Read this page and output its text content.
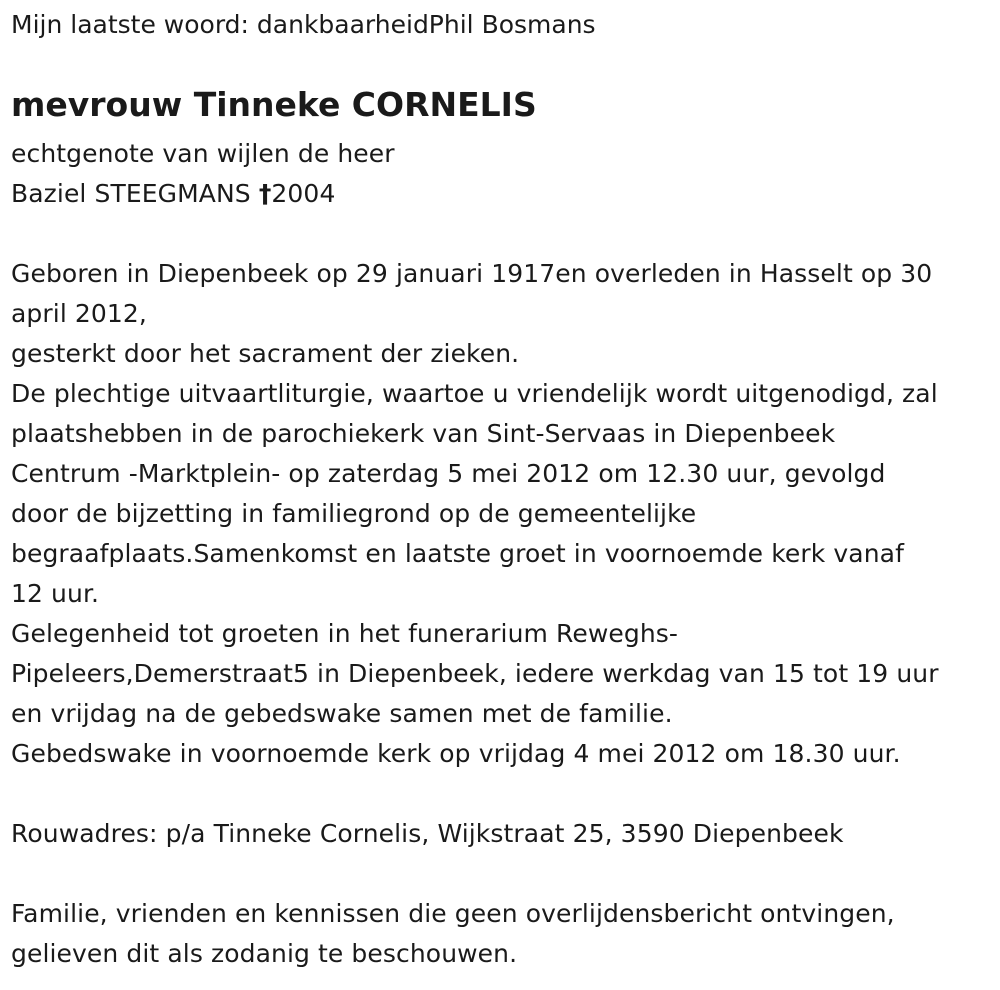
Mijn laatste woord: dankbaarheidPhil Bosmans
mevrouw Tinneke CORNELIS
echtgenote van wijlen de heer
Baziel STEEGMANS †2004
Geboren in Diepenbeek op 29 januari 1917en overleden in Hasselt op 30
april 2012,
gesterkt door het sacrament der zieken.
De plechtige uitvaartliturgie, waartoe u vriendelijk wordt uitgenodigd, zal
plaatshebben in de parochiekerk van Sint-Servaas in Diepenbeek
Centrum -Marktplein- op zaterdag 5 mei 2012 om 12.30 uur, gevolgd
door de bijzetting in familiegrond op de gemeentelijke
begraafplaats.Samenkomst en laatste groet in voornoemde kerk vanaf
12 uur.
Gelegenheid tot groeten in het funerarium Reweghs-
Pipeleers,Demerstraat5 in Diepenbeek, iedere werkdag van 15 tot 19 uur
en vrijdag na de gebedswake samen met de familie.
Gebedswake in voornoemde kerk op vrijdag 4 mei 2012 om 18.30 uur.
Rouwadres: p/a Tinneke Cornelis, Wijkstraat 25, 3590 Diepenbeek
Familie, vrienden en kennissen die geen overlijdensbericht ontvingen,
gelieven dit als zodanig te beschouwen.
